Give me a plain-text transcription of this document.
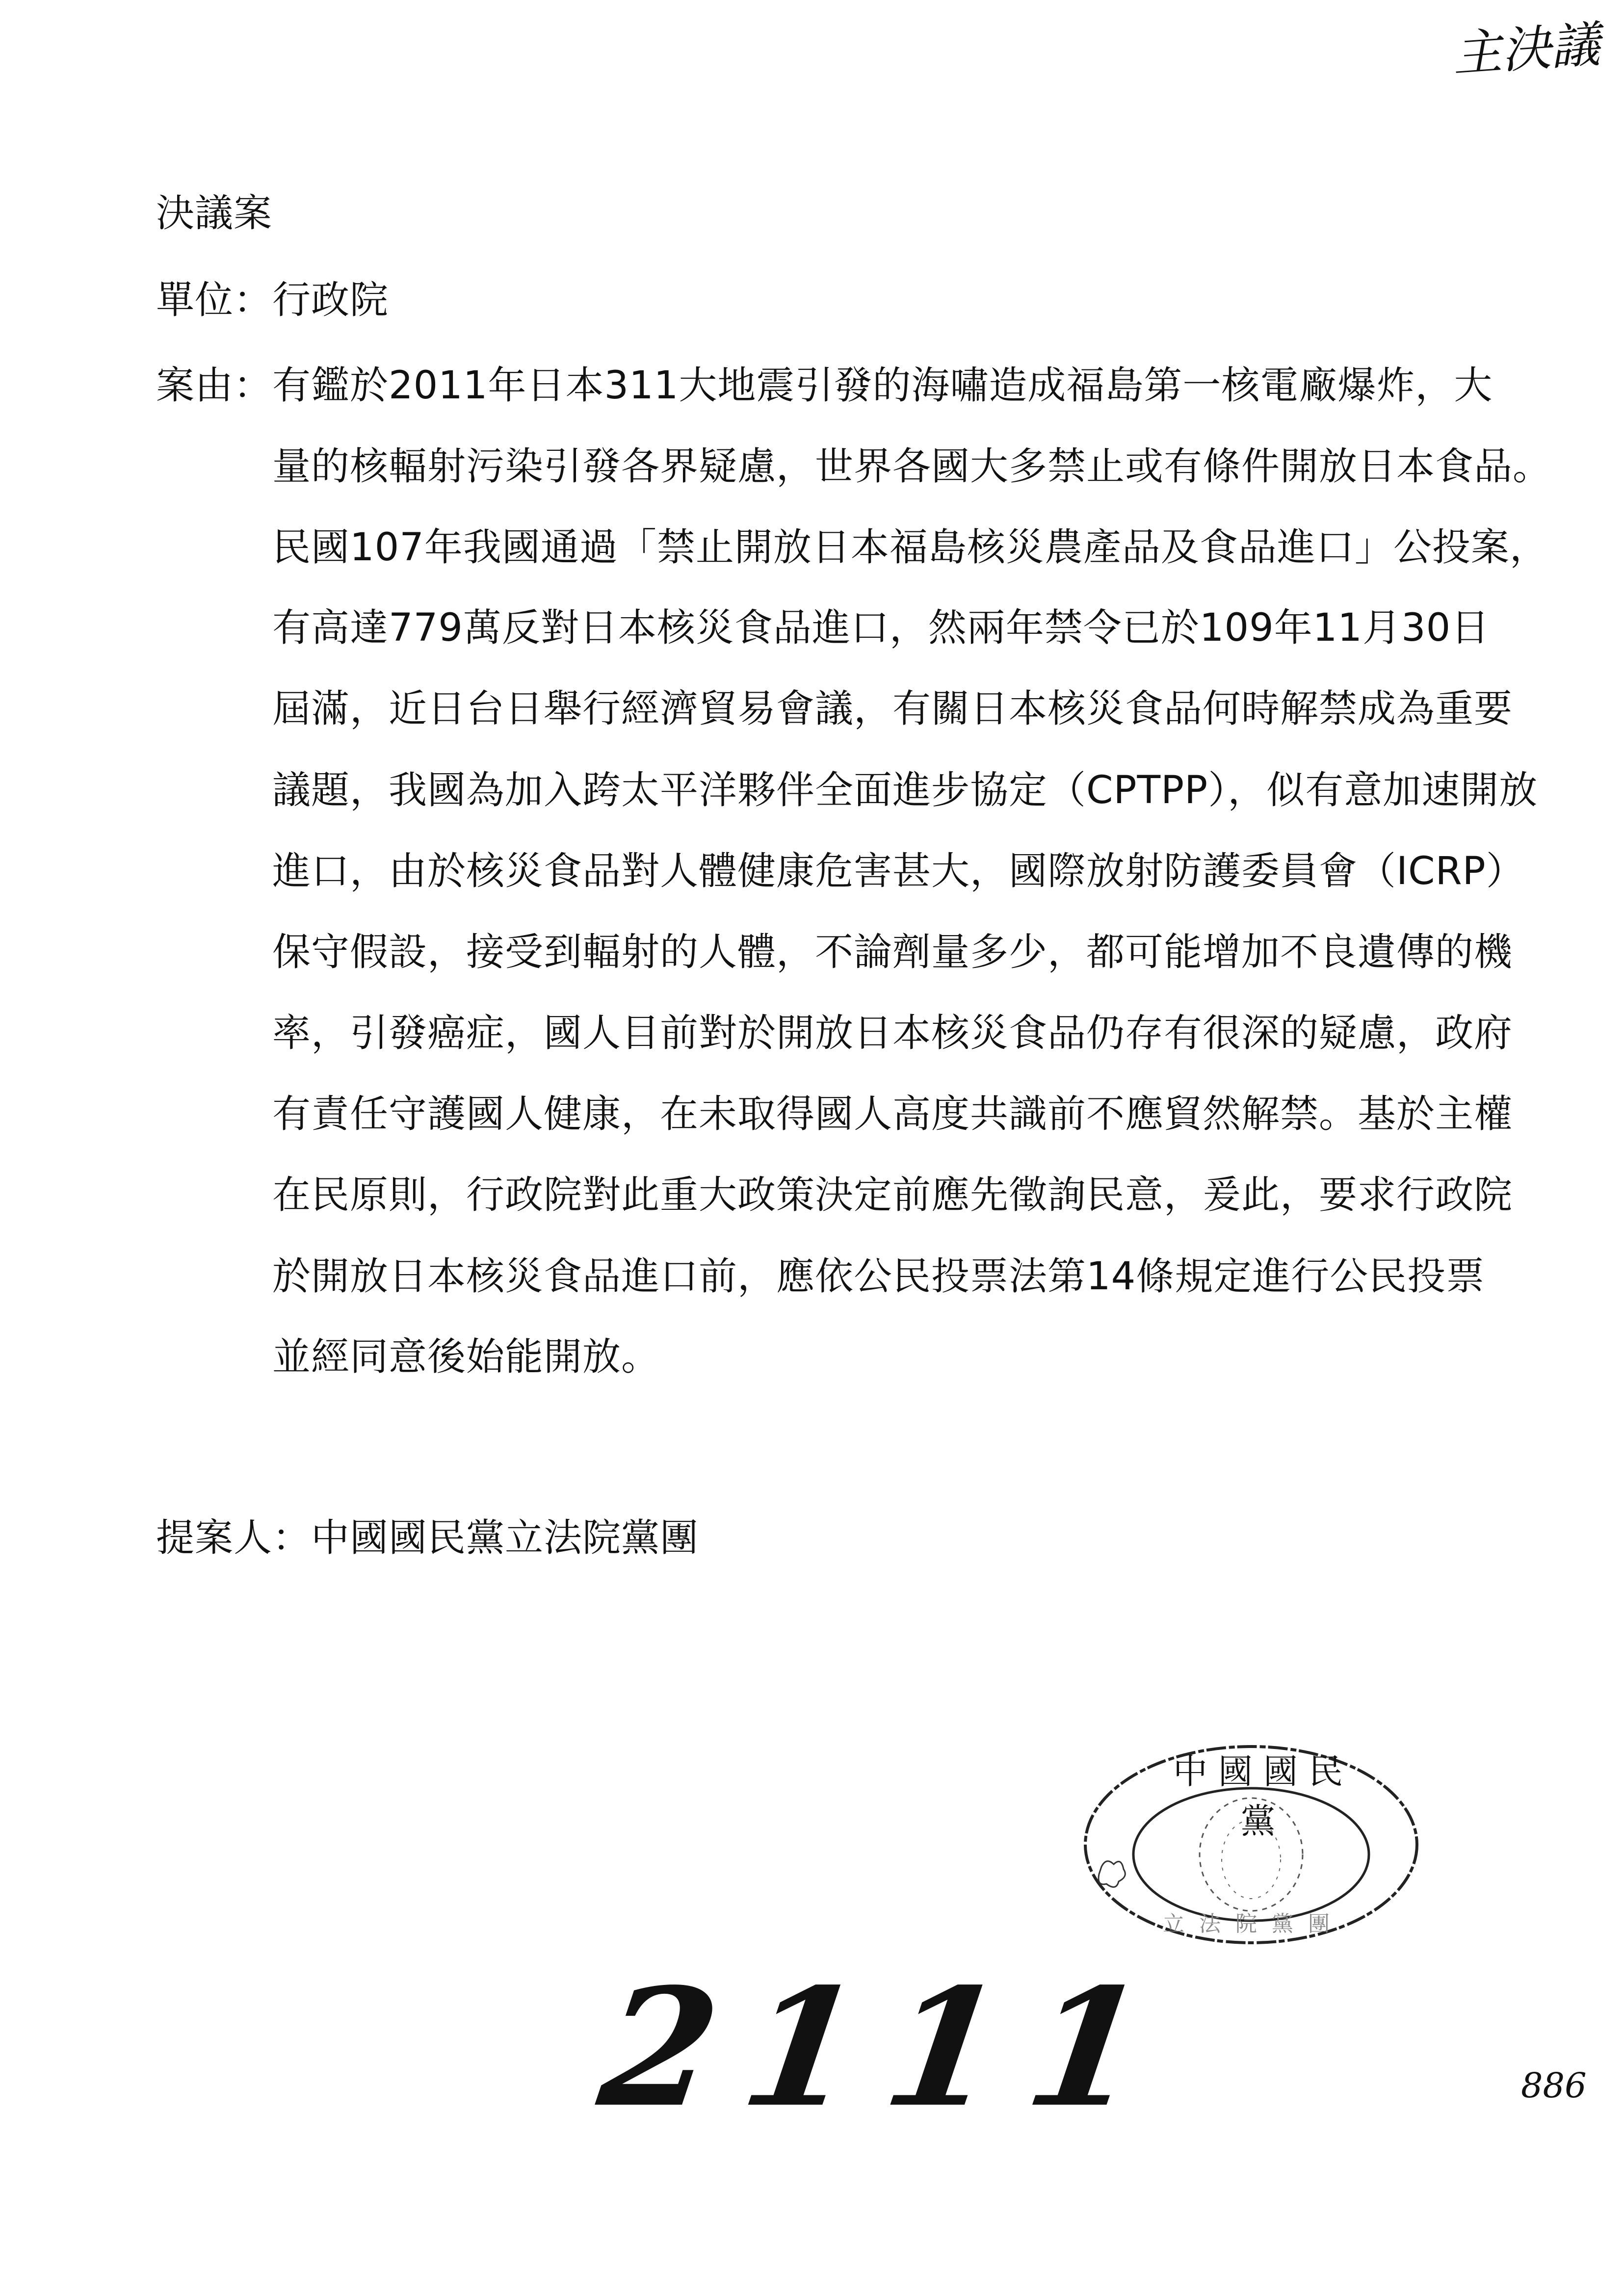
主決議
決議案
單位：行政院
案由：有鑑於2011年日本311大地震引發的海嘯造成福島第一核電廠爆炸，大
量的核輻射污染引發各界疑慮，世界各國大多禁止或有條件開放日本食品。
民國107年我國通過「禁止開放日本福島核災農產品及食品進口」公投案，
有高達779萬反對日本核災食品進口，然兩年禁令已於109年11月30日
屆滿，近日台日舉行經濟貿易會議，有關日本核災食品何時解禁成為重要
議題，我國為加入跨太平洋夥伴全面進步協定（CPTPP），似有意加速開放
進口，由於核災食品對人體健康危害甚大，國際放射防護委員會（ICRP）
保守假設，接受到輻射的人體，不論劑量多少，都可能增加不良遺傳的機
率，引發癌症，國人目前對於開放日本核災食品仍存有很深的疑慮，政府
有責任守護國人健康，在未取得國人高度共識前不應貿然解禁。基於主權
在民原則，行政院對此重大政策決定前應先徵詢民意，爰此，要求行政院
於開放日本核災食品進口前，應依公民投票法第14條規定進行公民投票
並經同意後始能開放。
提案人：中國國民黨立法院黨團
中國國民黨
立法院黨團
2111	886
